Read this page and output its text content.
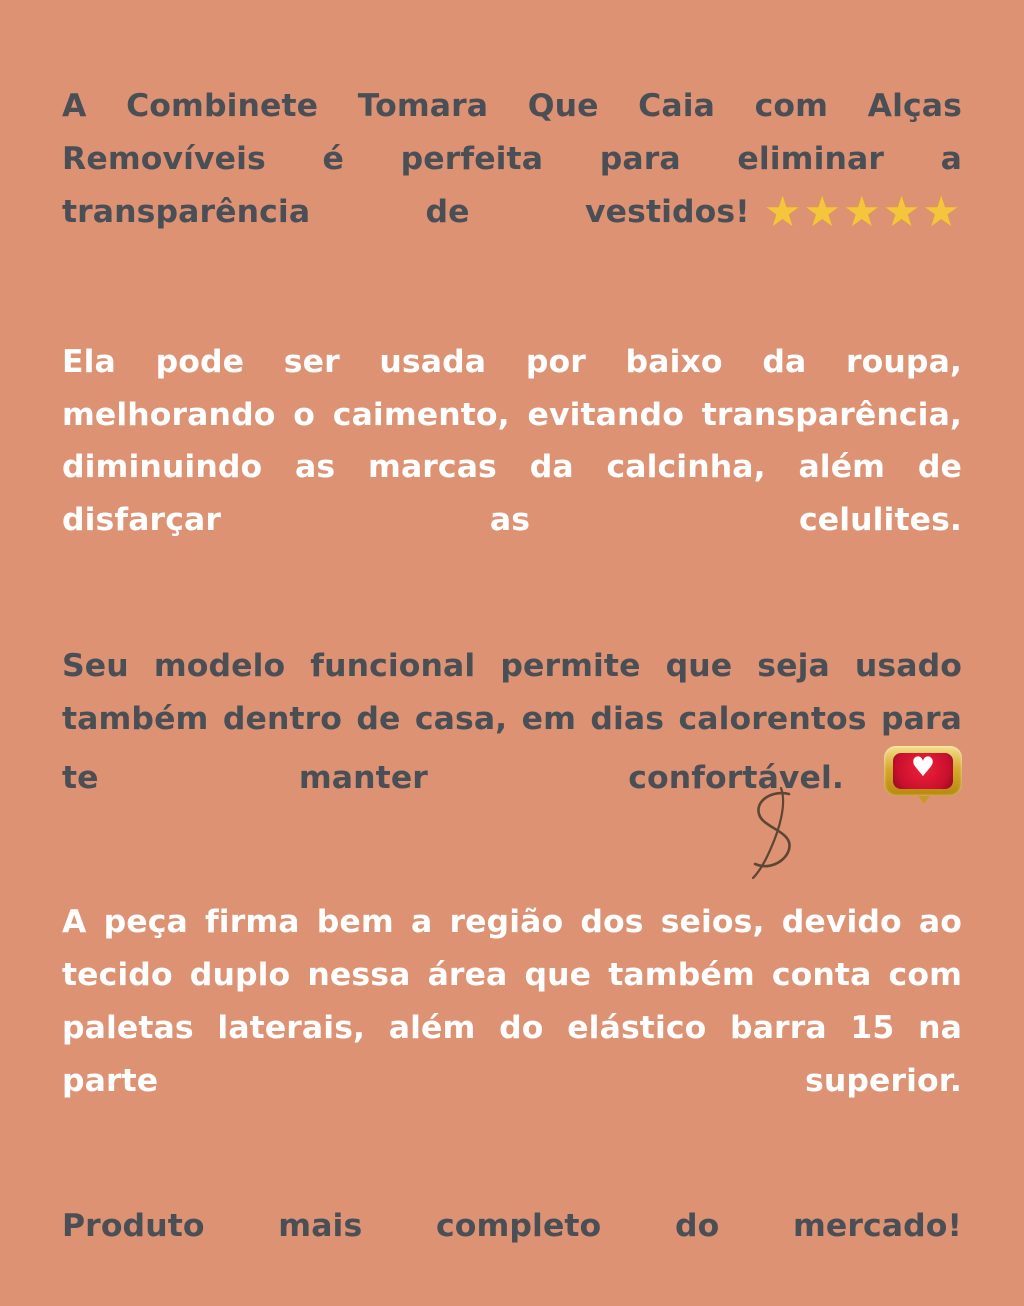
A Combinete Tomara Que Caia com Alças Removíveis é perfeita para eliminar a transparência de vestidos! ★★★★★

Ela pode ser usada por baixo da roupa, melhorando o caimento, evitando transparência, diminuindo as marcas da calcinha, além de disfarçar as celulites.

Seu modelo funcional permite que seja usado também dentro de casa, em dias calorentos para te manter confortável.

A peça firma bem a região dos seios, devido ao tecido duplo nessa área que também conta com paletas laterais, além do elástico barra 15 na parte superior.

Produto mais completo do mercado!
